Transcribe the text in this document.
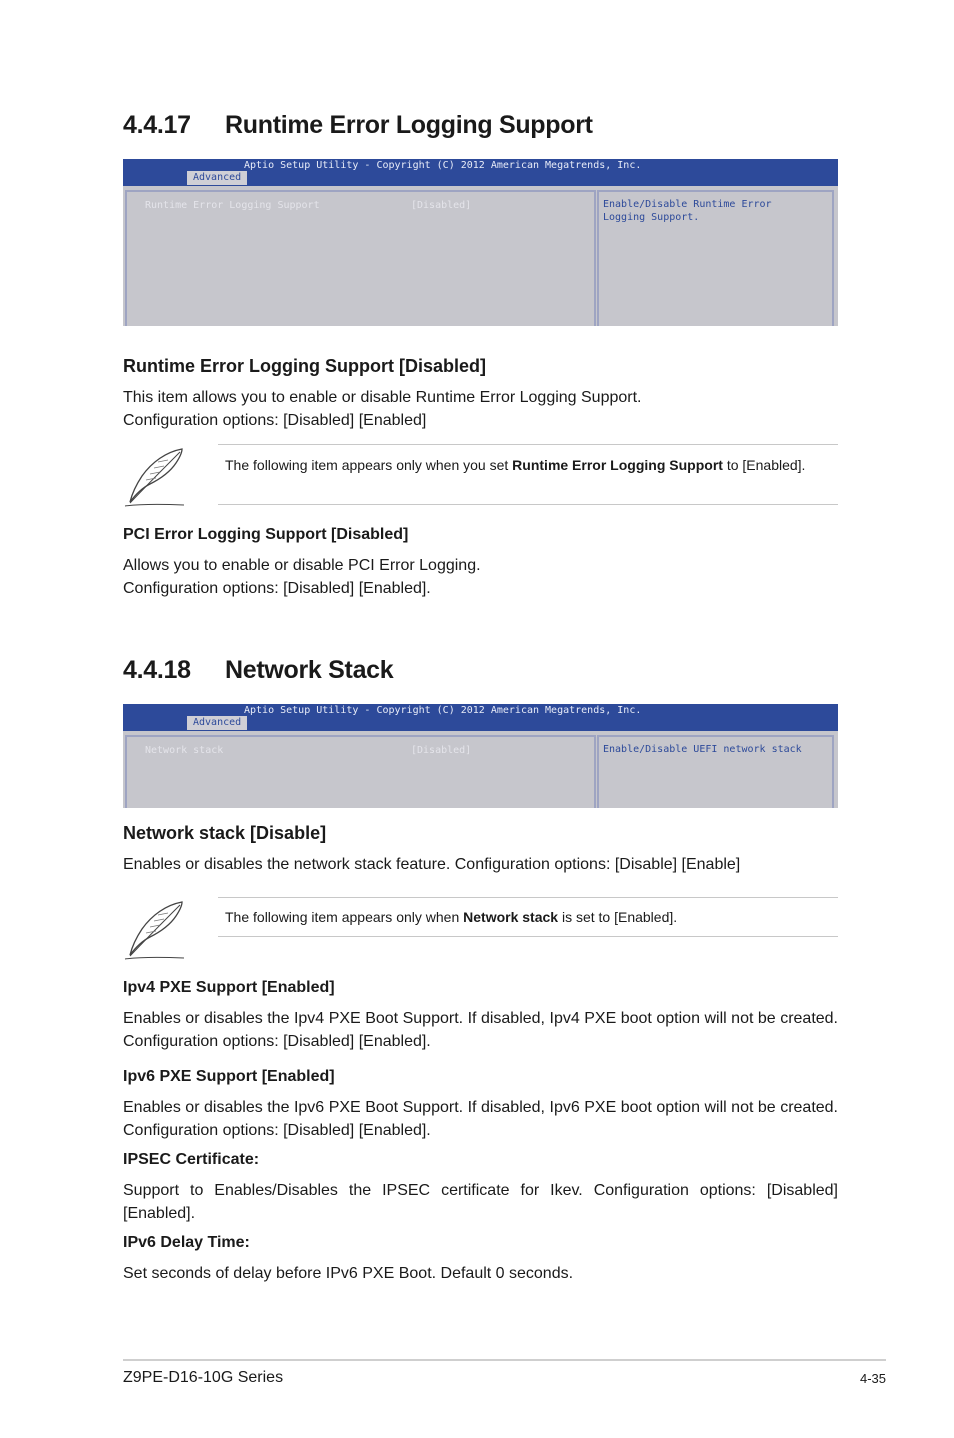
4.4.17 Runtime Error Logging Support
Aptio Setup Utility - Copyright (C) 2012 American Megatrends, Inc.
Advanced
Runtime Error Logging Support	[Disabled]	Enable/Disable Runtime Error Logging Support.
Runtime Error Logging Support [Disabled]
This item allows you to enable or disable Runtime Error Logging Support.
Configuration options: [Disabled] [Enabled]
The following item appears only when you set Runtime Error Logging Support to [Enabled].
PCI Error Logging Support [Disabled]
Allows you to enable or disable PCI Error Logging.
Configuration options: [Disabled] [Enabled].
4.4.18 Network Stack
Aptio Setup Utility - Copyright (C) 2012 American Megatrends, Inc.
Advanced
Network stack	[Disabled]	Enable/Disable UEFI network stack
Network stack [Disable]
Enables or disables the network stack feature. Configuration options: [Disable] [Enable]
The following item appears only when Network stack is set to [Enabled].
Ipv4 PXE Support [Enabled]
Enables or disables the Ipv4 PXE Boot Support. If disabled, Ipv4 PXE boot option will not be created. Configuration options: [Disabled] [Enabled].
Ipv6 PXE Support [Enabled]
Enables or disables the Ipv6 PXE Boot Support. If disabled, Ipv6 PXE boot option will not be created. Configuration options: [Disabled] [Enabled].
IPSEC Certificate:
Support to Enables/Disables the IPSEC certificate for Ikev. Configuration options: [Disabled] [Enabled].
IPv6 Delay Time:
Set seconds of delay before IPv6 PXE Boot. Default 0 seconds.
Z9PE-D16-10G Series	4-35
